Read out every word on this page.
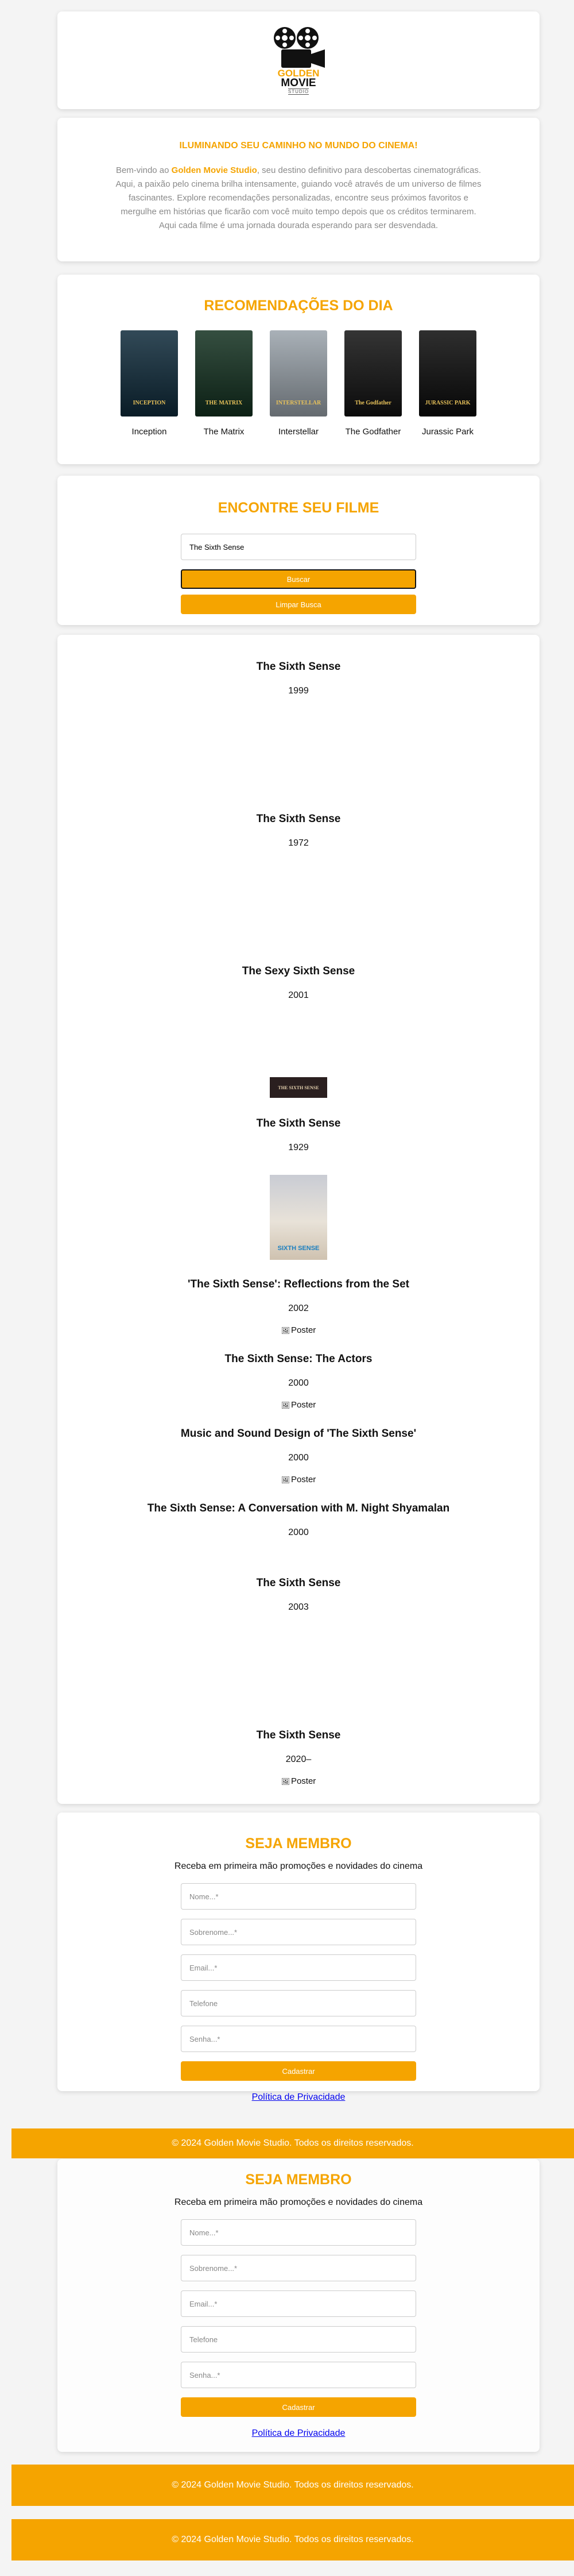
GOLDEN
MOVIE
STUDIO
ILUMINANDO SEU CAMINHO NO MUNDO DO CINEMA!

Bem-vindo ao Golden Movie Studio, seu destino definitivo para descobertas cinematográficas. Aqui, a paixão pelo cinema brilha intensamente, guiando você através de um universo de filmes fascinantes. Explore recomendações personalizadas, encontre seus próximos favoritos e mergulhe em histórias que ficarão com você muito tempo depois que os créditos terminarem. Aqui cada filme é uma jornada dourada esperando para ser desvendada.

RECOMENDAÇÕES DO DIA
INCEPTION
Inception
THE MATRIX
The Matrix
INTERSTELLAR
Interstellar
The Godfather
The Godfather
JURASSIC PARK
Jurassic Park
ENCONTRE SEU FILME
The Sixth Sense
Buscar
Limpar Busca
The Sixth Sense
1999
The Sixth Sense
1972
The Sexy Sixth Sense
2001
The Sixth Sense
1929
'The Sixth Sense': Reflections from the Set
2002
🖼 Poster
The Sixth Sense: The Actors
2000
🖼 Poster
Music and Sound Design of 'The Sixth Sense'
2000
🖼 Poster
The Sixth Sense: A Conversation with M. Night Shyamalan
2000
The Sixth Sense
2003
The Sixth Sense
2020–
🖼 Poster
THE SIXTH SENSE
SIXTH SENSE
SEJA MEMBRO
Receba em primeira mão promoções e novidades do cinema
Nome...*
Sobrenome...*
Email...*
Telefone
Senha...*
Cadastrar
Política de Privacidade
© 2024 Golden Movie Studio. Todos os direitos reservados.
SEJA MEMBRO
Receba em primeira mão promoções e novidades do cinema
Nome...*
Sobrenome...*
Email...*
Telefone
Senha...*
Cadastrar
Política de Privacidade
© 2024 Golden Movie Studio. Todos os direitos reservados.
© 2024 Golden Movie Studio. Todos os direitos reservados.
